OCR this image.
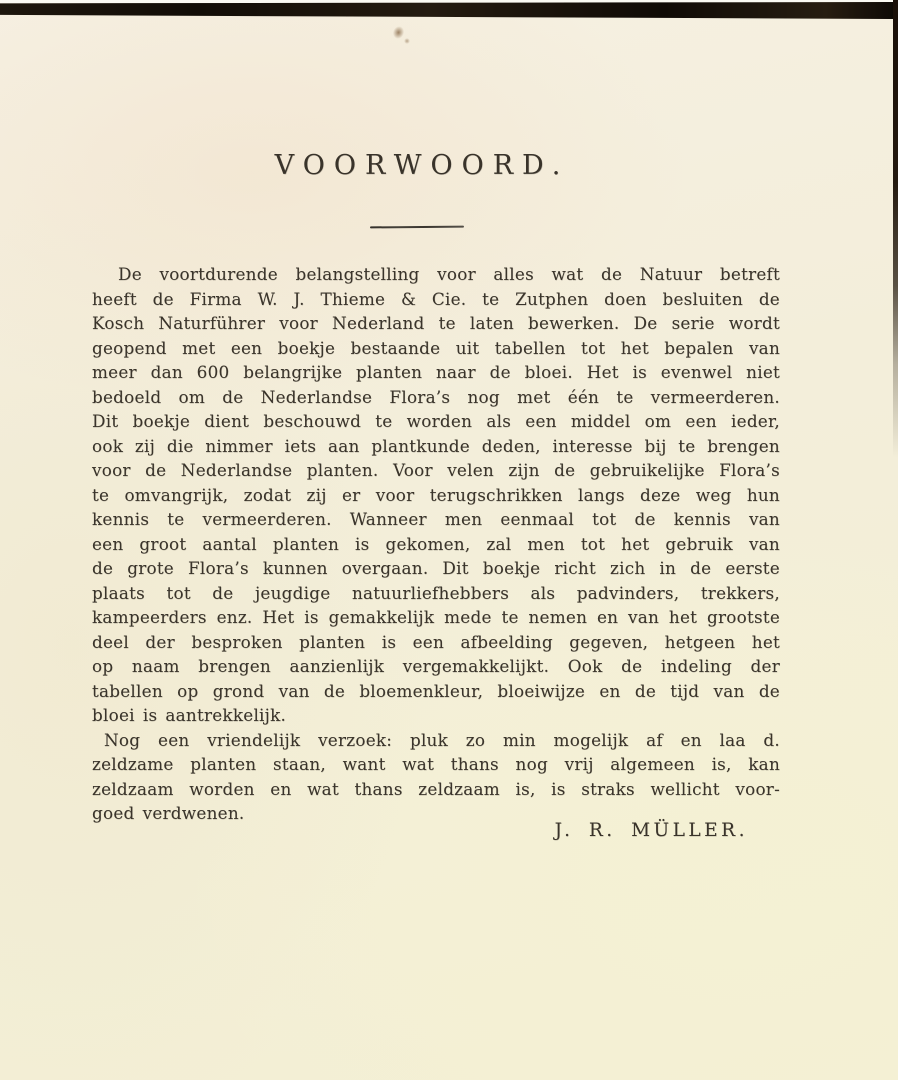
VOORWOORD.
De voortdurende belangstelling voor alles wat de Natuur betreft
heeft de Firma W. J. Thieme & Cie. te Zutphen doen besluiten de
Kosch Naturführer voor Nederland te laten bewerken. De serie wordt
geopend met een boekje bestaande uit tabellen tot het bepalen van
meer dan 600 belangrijke planten naar de bloei. Het is evenwel niet
bedoeld om de Nederlandse Flora’s nog met één te vermeerderen.
Dit boekje dient beschouwd te worden als een middel om een ieder,
ook zij die nimmer iets aan plantkunde deden, interesse bij te brengen
voor de Nederlandse planten. Voor velen zijn de gebruikelijke Flora’s
te omvangrijk, zodat zij er voor terugschrikken langs deze weg hun
kennis te vermeerderen. Wanneer men eenmaal tot de kennis van
een groot aantal planten is gekomen, zal men tot het gebruik van
de grote Flora’s kunnen overgaan. Dit boekje richt zich in de eerste
plaats tot de jeugdige natuurliefhebbers als padvinders, trekkers,
kampeerders enz. Het is gemakkelijk mede te nemen en van het grootste
deel der besproken planten is een afbeelding gegeven, hetgeen het
op naam brengen aanzienlijk vergemakkelijkt. Ook de indeling der
tabellen op grond van de bloemenkleur, bloeiwijze en de tijd van de
bloei is aantrekkelijk.
Nog een vriendelijk verzoek: pluk zo min mogelijk af en laa d.
zeldzame planten staan, want wat thans nog vrij algemeen is, kan
zeldzaam worden en wat thans zeldzaam is, is straks wellicht voor-
goed verdwenen.
J. R. MÜLLER.
